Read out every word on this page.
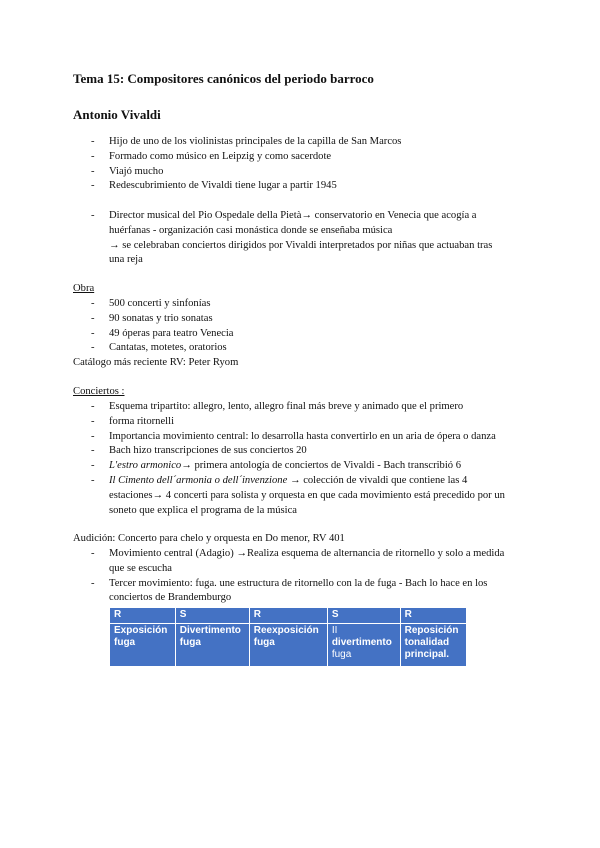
Tema 15: Compositores canónicos del periodo barroco
Antonio Vivaldi
- Hijo de uno de los violinistas principales de la capilla de San Marcos
- Formado como músico en Leipzig y como sacerdote
- Viajó mucho
- Redescubrimiento de Vivaldi tiene lugar a partir 1945
- Director musical del Pio Ospedale della Pietà→ conservatorio en Venecia que acogía a
huérfanas - organización casi monástica donde se enseñaba música
→ se celebraban conciertos dirigidos por Vivaldi interpretados por niñas que actuaban tras
una reja

Obra

- 500 concerti y sinfonías
- 90 sonatas y trio sonatas
- 49 óperas para teatro Venecia
- Cantatas, motetes, oratorios

Catálogo más reciente RV: Peter Ryom

Conciertos :

- Esquema tripartito: allegro, lento, allegro final más breve y animado que el primero
- forma ritornelli
- Importancia movimiento central: lo desarrolla hasta convertirlo en un aria de ópera o danza
- Bach hizo transcripciones de sus conciertos 20
- L'estro armonico→ primera antología de conciertos de Vivaldi - Bach transcribió 6
- Il Cimento dell´armonia o dell´invenzione → colección de vivaldi que contiene las 4
estaciones→ 4 concerti para solista y orquesta en que cada movimiento está precedido por un
soneto que explica el programa de la música

Audición: Concerto para chelo y orquesta en Do menor, RV 401

- Movimiento central (Adagio) →Realiza esquema de alternancia de ritornello y solo a medida
que se escucha
- Tercer movimiento: fuga. une estructura de ritornello con la de fuga - Bach lo hace en los
conciertos de Brandemburgo
R	S	R	S	R
Exposición
fuga	Divertimento
fuga	Reexposición
fuga	II
divertimento
fuga	Reposición
tonalidad
principal.
